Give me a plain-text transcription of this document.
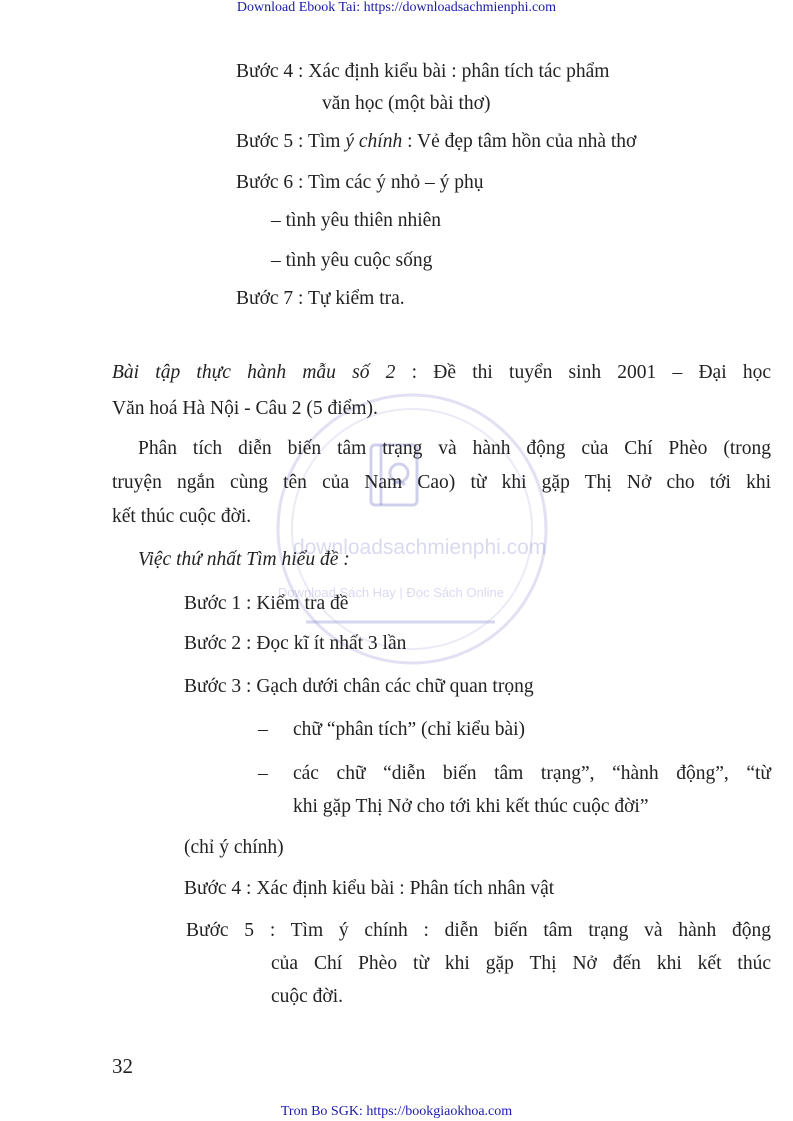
Download Ebook Tai: https://downloadsachmienphi.com
downloadsachmienphi.com
Download Sách Hay | Đọc Sách Online
Bước 4 : Xác định kiểu bài : phân tích tác phẩm
văn học (một bài thơ)
Bước 5 : Tìm ý chính : Vẻ đẹp tâm hồn của nhà thơ
Bước 6 : Tìm các ý nhỏ – ý phụ
– tình yêu thiên nhiên
– tình yêu cuộc sống
Bước 7 : Tự kiểm tra.
Bài tập thực hành mẫu số 2 : Đề thi tuyển sinh 2001 – Đại học
Văn hoá Hà Nội - Câu 2 (5 điểm).
Phân tích diễn biến tâm trạng và hành động của Chí Phèo (trong
truyện ngắn cùng tên của Nam Cao) từ khi gặp Thị Nở cho tới khi
kết thúc cuộc đời.
Việc thứ nhất Tìm hiểu đề :
Bước 1 : Kiểm tra đề
Bước 2 : Đọc kĩ ít nhất 3 lần
Bước 3 : Gạch dưới chân các chữ quan trọng
– chữ “phân tích” (chỉ kiểu bài)
– các chữ “diễn biến tâm trạng”, “hành động”, “từ
khi gặp Thị Nở cho tới khi kết thúc cuộc đời”
(chỉ ý chính)
Bước 4 : Xác định kiểu bài : Phân tích nhân vật
Bước 5 : Tìm ý chính : diễn biến tâm trạng và hành động
của Chí Phèo từ khi gặp Thị Nở đến khi kết thúc
cuộc đời.
32
Tron Bo SGK: https://bookgiaokhoa.com
